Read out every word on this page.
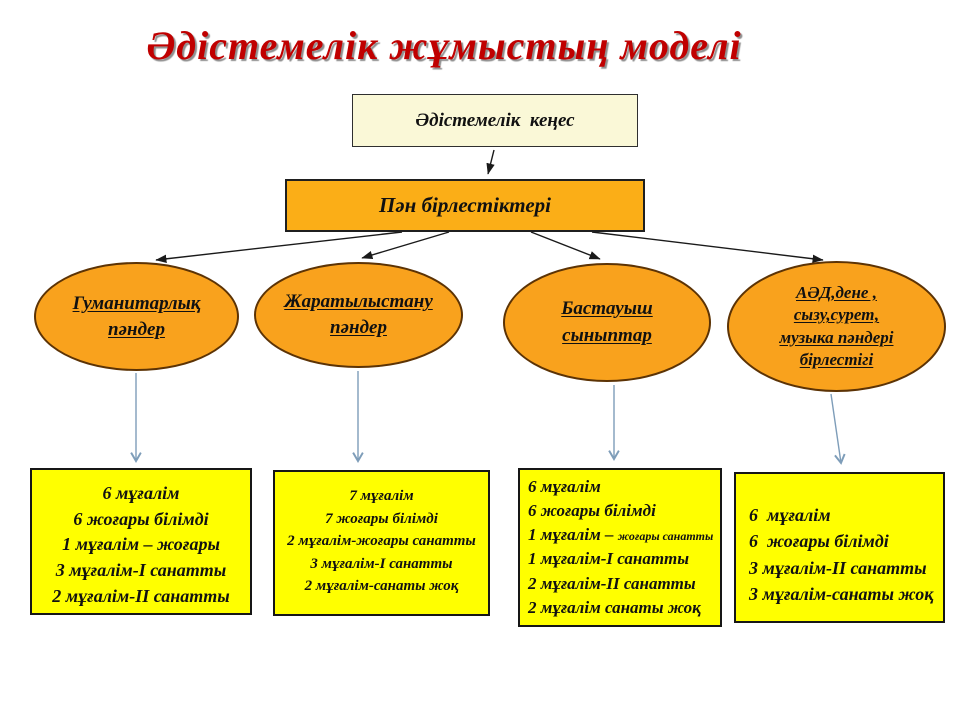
Әдістемелік жұмыстың моделі
Әдістемелік  кеңес
Пән бірлестіктері
Гуманитарлық
пәндер
Жаратылыстану
пәндер
Бастауыш
сыныптар
АӘД,дене ,
сызу,сурет,
музыка пәндері
бірлестігі
6 мұғалім
6 жоғары білімді
1 мұғалім – жоғары
3 мұғалім-І санатты
2 мұғалім-ІІ санатты
7 мұғалім
7 жоғары білімді
2 мұғалім-жоғары санатты
3 мұғалім-І санатты
2 мұғалім-санаты жоқ
6 мұғалім
6 жоғары білімді
1 мұғалім – жоғары санатты
1 мұғалім-І санатты
2 мұғалім-ІІ санатты
2 мұғалім санаты жоқ
6  мұғалім
6  жоғары білімді
3 мұғалім-ІІ санатты
3 мұғалім-санаты жоқ
